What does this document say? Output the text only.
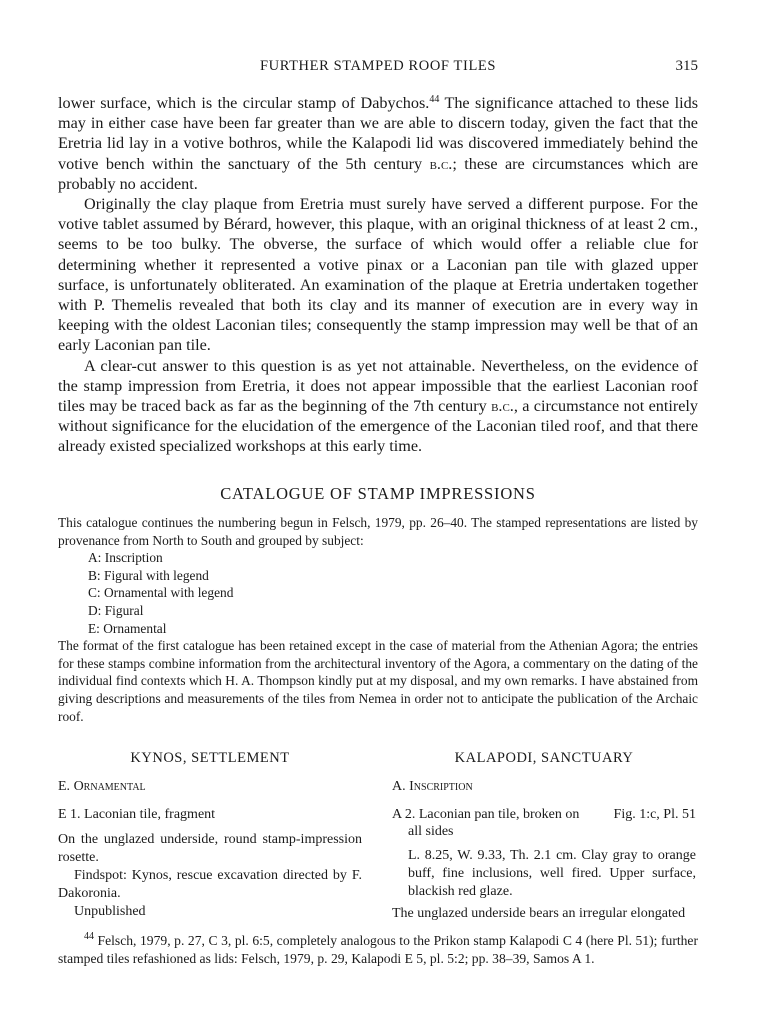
FURTHER STAMPED ROOF TILES	315

lower surface, which is the circular stamp of Dabychos.$^{44}$ The significance attached to these lids may in either case have been far greater than we are able to discern today, given the fact that the Eretria lid lay in a votive bothros, while the Kalapodi lid was discovered immediately behind the votive bench within the sanctuary of the 5th century b.c.; these are circumstances which are probably no accident.

Originally the clay plaque from Eretria must surely have served a different purpose. For the votive tablet assumed by Bérard, however, this plaque, with an original thickness of at least 2 cm., seems to be too bulky. The obverse, the surface of which would offer a reliable clue for determining whether it represented a votive pinax or a Laconian pan tile with glazed upper surface, is unfortunately obliterated. An examination of the plaque at Eretria undertaken together with P. Themelis revealed that both its clay and its manner of execution are in every way in keeping with the oldest Laconian tiles; consequently the stamp impression may well be that of an early Laconian pan tile.

A clear-cut answer to this question is as yet not attainable. Nevertheless, on the evidence of the stamp impression from Eretria, it does not appear impossible that the earliest Laconian roof tiles may be traced back as far as the beginning of the 7th century b.c., a circumstance not entirely without significance for the elucidation of the emergence of the Laconian tiled roof, and that there already existed specialized workshops at this early time.

CATALOGUE OF STAMP IMPRESSIONS

This catalogue continues the numbering begun in Felsch, 1979, pp. 26–40. The stamped representations are listed by provenance from North to South and grouped by subject:

A: Inscription
B: Figural with legend
C: Ornamental with legend
D: Figural
E: Ornamental

The format of the first catalogue has been retained except in the case of material from the Athenian Agora; the entries for these stamps combine information from the architectural inventory of the Agora, a commentary on the dating of the individual find contexts which H. A. Thompson kindly put at my disposal, and my own remarks. I have abstained from giving descriptions and measurements of the tiles from Nemea in order not to anticipate the publication of the Archaic roof.

KYNOS, SETTLEMENT
E. Ornamental
E 1. Laconian tile, fragment

On the unglazed underside, round stamp-impression rosette.

Findspot: Kynos, rescue excavation directed by F. Dakoronia.

Unpublished

KALAPODI, SANCTUARY
A. Inscription
A 2. Laconian pan tile, broken on Fig. 1:c, Pl. 51
all sides

L. 8.25, W. 9.33, Th. 2.1 cm. Clay gray to orange buff, fine inclusions, well fired. Upper surface, blackish red glaze.

The unglazed underside bears an irregular elongated

$^{44}$ Felsch, 1979, p. 27, C 3, pl. 6:5, completely analogous to the Prikon stamp Kalapodi C 4 (here Pl. 51); further stamped tiles refashioned as lids: Felsch, 1979, p. 29, Kalapodi E 5, pl. 5:2; pp. 38–39, Samos A 1.
